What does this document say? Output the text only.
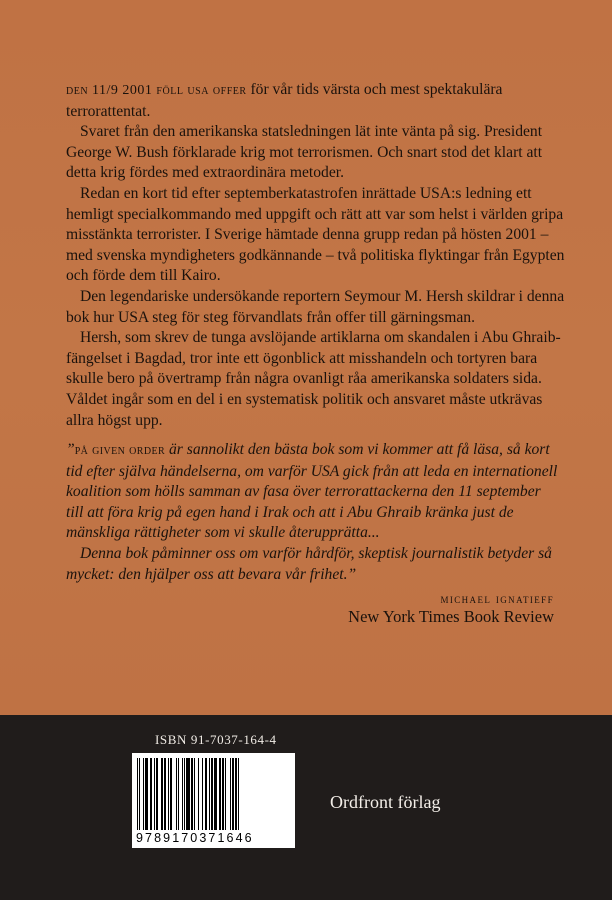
den 11/9 2001 föll usa offer för vår tids värsta och mest spektakulära terrorattentat.

Svaret från den amerikanska statsledningen lät inte vänta på sig. President George W. Bush förklarade krig mot terrorismen. Och snart stod det klart att detta krig fördes med extraordinära metoder.

Redan en kort tid efter septemberkatastrofen inrättade USA:s ledning ett hemligt specialkommando med uppgift och rätt att var som helst i världen gripa misstänkta terrorister. I Sverige hämtade denna grupp redan på hösten 2001 – med svenska myndigheters godkännande – två politiska flyktingar från Egypten och förde dem till Kairo.

Den legendariske undersökande reportern Seymour M. Hersh skildrar i denna bok hur USA steg för steg förvandlats från offer till gärningsman.

Hersh, som skrev de tunga avslöjande artiklarna om skandalen i Abu Ghraib-fängelset i Bagdad, tror inte ett ögonblick att misshandeln och tortyren bara skulle bero på övertramp från några ovanligt råa amerikanska soldaters sida. Våldet ingår som en del i en systematisk politik och ansvaret måste utkrävas allra högst upp.

”på given order är sannolikt den bästa bok som vi kommer att få läsa, så kort tid efter själva händelserna, om varför USA gick från att leda en internationell koalition som hölls samman av fasa över terrorattackerna den 11 september till att föra krig på egen hand i Irak och att i Abu Ghraib kränka just de mänskliga rättigheter som vi skulle återupprätta...

Denna bok påminner oss om varför hårdför, skeptisk journalistik betyder så mycket: den hjälper oss att bevara vår frihet.”

michael ignatieff
New York Times Book Review
ISBN 91-7037-164-4
9789170371646
Ordfront förlag
